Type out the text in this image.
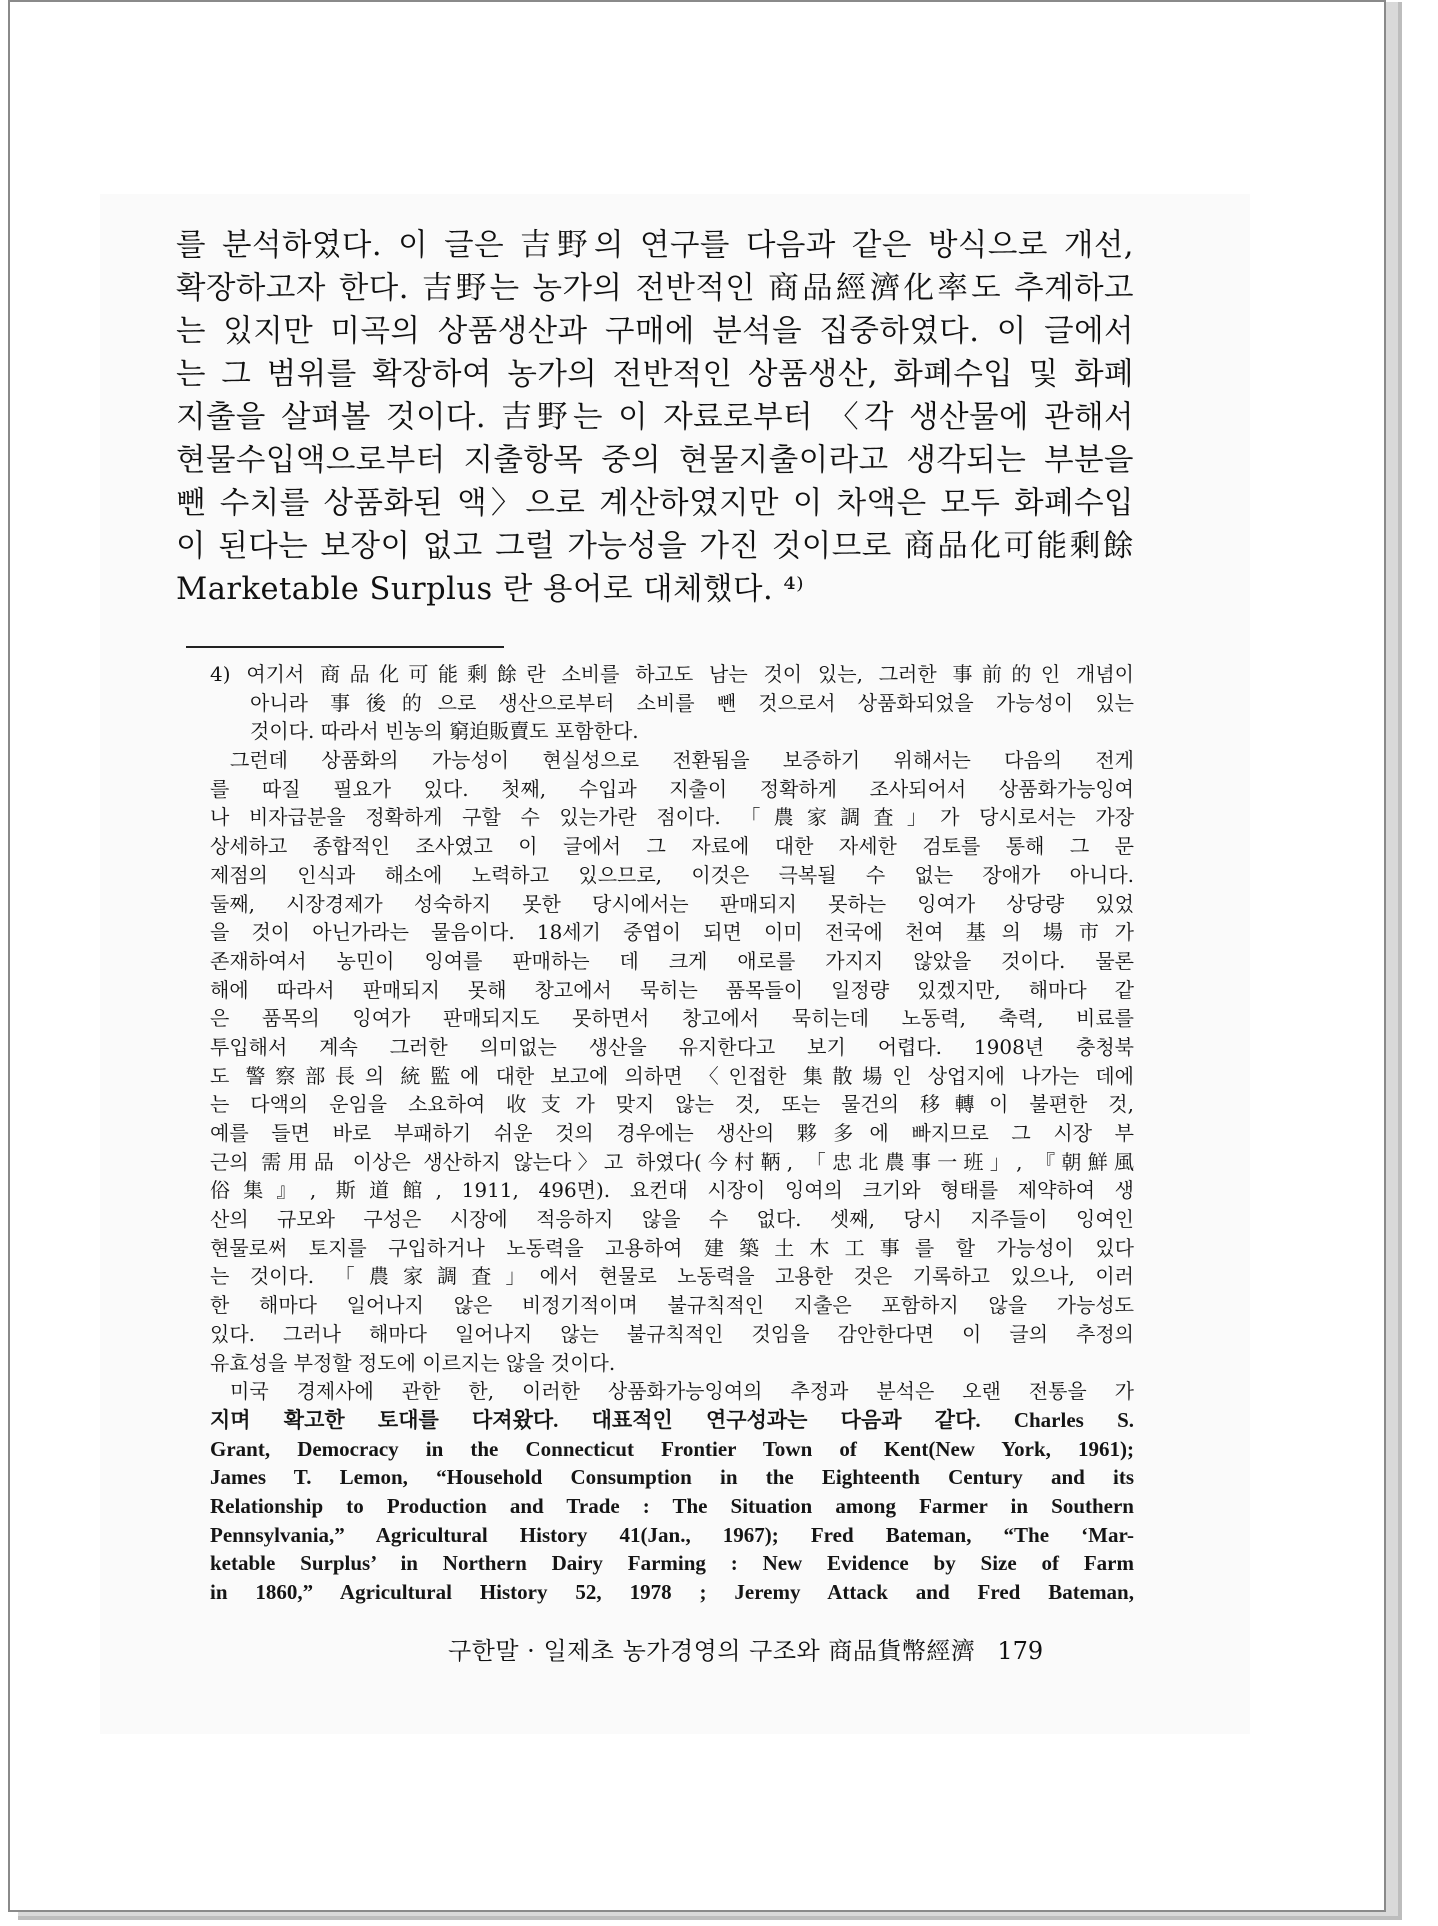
를 분석하였다. 이 글은 吉野의 연구를 다음과 같은 방식으로 개선,
확장하고자 한다. 吉野는 농가의 전반적인 商品經濟化率도 추계하고
는 있지만 미곡의 상품생산과 구매에 분석을 집중하였다. 이 글에서
는 그 범위를 확장하여 농가의 전반적인 상품생산, 화폐수입 및 화폐
지출을 살펴볼 것이다. 吉野는 이 자료로부터 〈각 생산물에 관해서
현물수입액으로부터 지출항목 중의 현물지출이라고 생각되는 부분을
뺀 수치를 상품화된 액〉으로 계산하였지만 이 차액은 모두 화폐수입
이 된다는 보장이 없고 그럴 가능성을 가진 것이므로 商品化可能剩餘
Marketable Surplus 란 용어로 대체했다. ⁴⁾
4) 여기서 商品化可能剩餘란 소비를 하고도 남는 것이 있는, 그러한 事前的인 개념이
아니라 事後的으로 생산으로부터 소비를 뺀 것으로서 상품화되었을 가능성이 있는
것이다. 따라서 빈농의 窮迫販賣도 포함한다.
그런데 상품화의 가능성이 현실성으로 전환됨을 보증하기 위해서는 다음의 전게
를 따질 필요가 있다. 첫째, 수입과 지출이 정확하게 조사되어서 상품화가능잉여
나 비자급분을 정확하게 구할 수 있는가란 점이다. 「農家調査」가 당시로서는 가장
상세하고 종합적인 조사였고 이 글에서 그 자료에 대한 자세한 검토를 통해 그 문
제점의 인식과 해소에 노력하고 있으므로, 이것은 극복될 수 없는 장애가 아니다.
둘째, 시장경제가 성숙하지 못한 당시에서는 판매되지 못하는 잉여가 상당량 있었
을 것이 아닌가라는 물음이다. 18세기 중엽이 되면 이미 전국에 천여 基의 場市가
존재하여서 농민이 잉여를 판매하는 데 크게 애로를 가지지 않았을 것이다. 물론
해에 따라서 판매되지 못해 창고에서 묵히는 품목들이 일정량 있겠지만, 해마다 같
은 품목의 잉여가 판매되지도 못하면서 창고에서 묵히는데 노동력, 축력, 비료를
투입해서 계속 그러한 의미없는 생산을 유지한다고 보기 어렵다. 1908년 충청북
도 警察部長의 統監에 대한 보고에 의하면 〈인접한 集散場인 상업지에 나가는 데에
는 다액의 운임을 소요하여 收支가 맞지 않는 것, 또는 물건의 移轉이 불편한 것,
예를 들면 바로 부패하기 쉬운 것의 경우에는 생산의 夥多에 빠지므로 그 시장 부
근의 需用品 이상은 생산하지 않는다〉고 하였다(今村鞆, 「忠北農事一班」, 『朝鮮風
俗集』, 斯道館, 1911, 496면). 요컨대 시장이 잉여의 크기와 형태를 제약하여 생
산의 규모와 구성은 시장에 적응하지 않을 수 없다. 셋째, 당시 지주들이 잉여인
현물로써 토지를 구입하거나 노동력을 고용하여 建築土木工事를 할 가능성이 있다
는 것이다. 「農家調査」에서 현물로 노동력을 고용한 것은 기록하고 있으나, 이러
한 해마다 일어나지 않은 비정기적이며 불규칙적인 지출은 포함하지 않을 가능성도
있다. 그러나 해마다 일어나지 않는 불규칙적인 것임을 감안한다면 이 글의 추정의
유효성을 부정할 정도에 이르지는 않을 것이다.
미국 경제사에 관한 한, 이러한 상품화가능잉여의 추정과 분석은 오랜 전통을 가
지며 확고한 토대를 다져왔다. 대표적인 연구성과는 다음과 같다. Charles S.
Grant, Democracy in the Connecticut Frontier Town of Kent(New York, 1961);
James T. Lemon, “Household Consumption in the Eighteenth Century and its
Relationship to Production and Trade : The Situation among Farmer in Southern
Pennsylvania,” Agricultural History 41(Jan., 1967); Fred Bateman, “The ‘Mar-
ketable Surplus’ in Northern Dairy Farming : New Evidence by Size of Farm
in 1860,” Agricultural History 52, 1978 ; Jeremy Attack and Fred Bateman,
구한말 · 일제초 농가경영의 구조와 商品貨幣經濟 179
